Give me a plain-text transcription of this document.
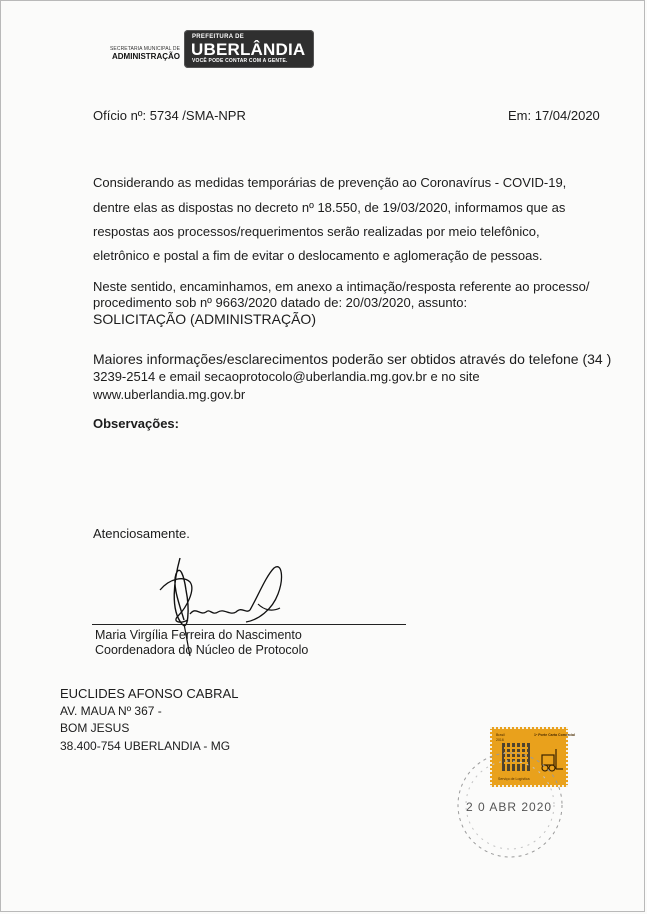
SECRETARIA MUNICIPAL DE
ADMINISTRAÇÃO
PREFEITURA DE
UBERLÂNDIA
VOCÊ PODE CONTAR COM A GENTE.
Ofício nº: 5734 /SMA-NPR	Em: 17/04/2020
Considerando as medidas temporárias de prevenção ao Coronavírus - COVID-19,
dentre elas as dispostas no decreto nº 18.550, de 19/03/2020, informamos que as
respostas aos processos/requerimentos serão realizadas por meio telefônico,
eletrônico e postal a fim de evitar o deslocamento e aglomeração de pessoas.
Neste sentido, encaminhamos, em anexo a intimação/resposta referente ao processo/
procedimento sob nº 9663/2020 datado de: 20/03/2020, assunto:
SOLICITAÇÃO (ADMINISTRAÇÃO)
Maiores informações/esclarecimentos poderão ser obtidos através do telefone (34 )
3239-2514 e email secaoprotocolo@uberlandia.mg.gov.br e no site
www.uberlandia.mg.gov.br
Observações:
Atenciosamente.
Maria Virgília Ferreira do Nascimento
Coordenadora do Núcleo de Protocolo
EUCLIDES AFONSO CABRAL
AV. MAUA Nº 367 -
BOM JESUS
38.400-754 UBERLANDIA - MG
Brasil
2016
1º Porte Carta Comercial
Serviço de Logística
2 0 ABR 2020
